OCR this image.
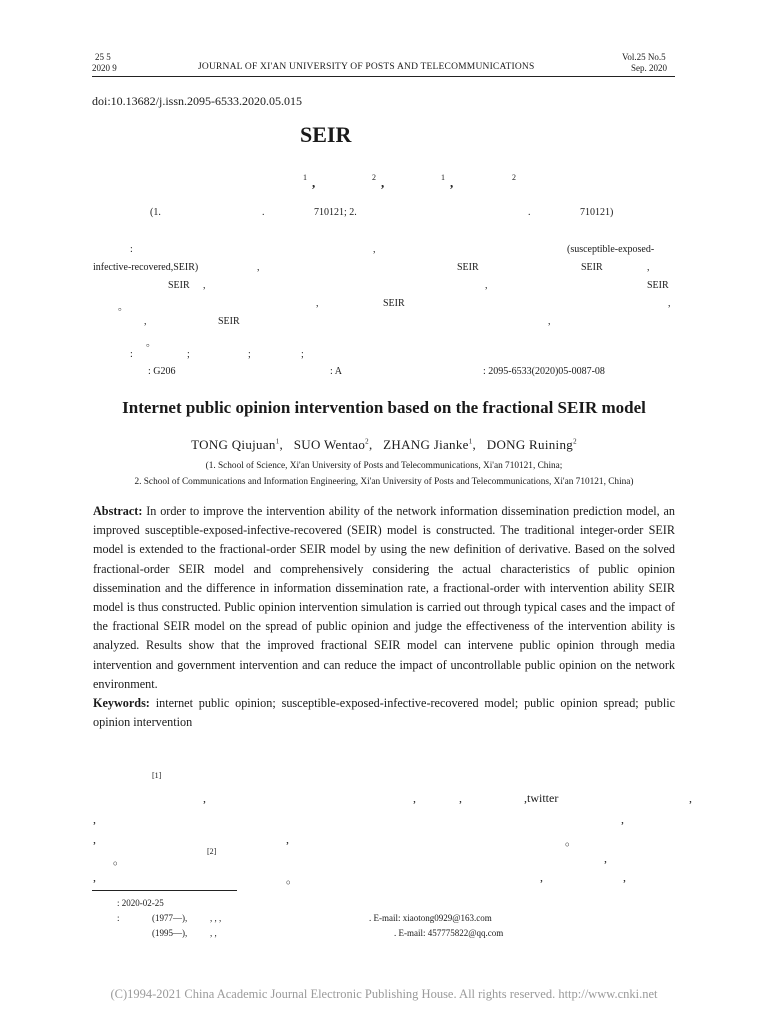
25 5
2020 9	JOURNAL OF XI'AN UNIVERSITY OF POSTS AND TELECOMMUNICATIONS
Vol.25 No.5
Sep. 2020
doi:10.13682/j.issn.2095-6533.2020.05.015
SEIR
1 ,	2 ,	1 ,	2
(1.	.	710121; 2.	.	710121)
:	,	(susceptible-exposed-
infective-recovered,SEIR)	,	SEIR	SEIR	,
SEIR ,	,	SEIR
。	,	SEIR	,
,	SEIR	,
。
:	;	;	;
: G206	: A	: 2095-6533(2020)05-0087-08
Internet public opinion intervention based on the fractional SEIR model
TONG Qiujuan$^1$,   SUO Wentao$^2$,   ZHANG Jianke$^1$,   DONG Ruining$^2$
(1. School of Science, Xi'an University of Posts and Telecommunications, Xi'an 710121, China;
2. School of Communications and Information Engineering, Xi'an University of Posts and Telecommunications, Xi'an 710121, China)

Abstract: In order to improve the intervention ability of the network information dissemination prediction model, an improved susceptible-exposed-infective-recovered (SEIR) model is constructed. The traditional integer-order SEIR model is extended to the fractional-order SEIR model by using the new definition of derivative. Based on the solved fractional-order SEIR model and comprehensively considering the actual characteristics of public opinion dissemination and the difference in information dissemination rate, a fractional-order with intervention ability SEIR model is thus constructed. Public opinion intervention simulation is carried out through typical cases and the impact of the fractional SEIR model on the spread of public opinion and judge the effectiveness of the intervention ability is analyzed. Results show that the improved fractional SEIR model can intervene public opinion through media intervention and government intervention and can reduce the impact of uncontrollable public opinion on the network environment.

Keywords: internet public opinion; susceptible-exposed-infective-recovered model; public opinion spread; public opinion intervention

[1]
,	,	,	,twitter	,
,	,
,	,	。
。
[2]	,
,	。	,	,
: 2020-02-25
:	(1977—),	, , ,	. E-mail: xiaotong0929@163.com
(1995—),	, ,	. E-mail: 457775822@qq.com
(C)1994-2021 China Academic Journal Electronic Publishing House. All rights reserved. http://www.cnki.net
